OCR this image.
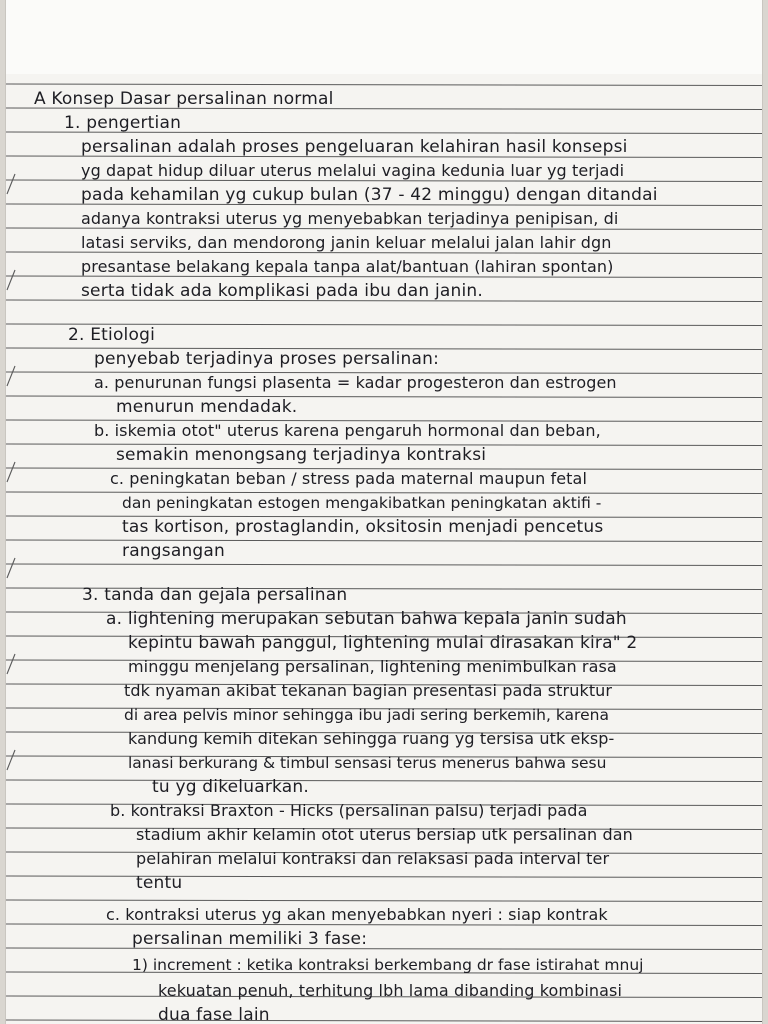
A Konsep Dasar persalinan normal
1. pengertian
persalinan adalah proses pengeluaran kelahiran hasil konsepsi
yg dapat hidup diluar uterus melalui vagina kedunia luar yg terjadi
pada kehamilan yg cukup bulan (37 - 42 minggu) dengan ditandai
adanya kontraksi uterus yg menyebabkan terjadinya penipisan, di
latasi serviks, dan mendorong janin keluar melalui jalan lahir dgn
presantase belakang kepala tanpa alat/bantuan (lahiran spontan)
serta tidak ada komplikasi pada ibu dan janin.
2. Etiologi
penyebab terjadinya proses persalinan:
a. penurunan fungsi plasenta = kadar progesteron dan estrogen
menurun mendadak.
b. iskemia otot" uterus karena pengaruh hormonal dan beban,
semakin menongsang terjadinya kontraksi
c. peningkatan beban / stress pada maternal maupun fetal
dan peningkatan estogen mengakibatkan peningkatan aktifi -
tas kortison, prostaglandin, oksitosin menjadi pencetus
rangsangan
3. tanda dan gejala persalinan
a. lightening merupakan sebutan bahwa kepala janin sudah
kepintu bawah panggul, lightening mulai dirasakan kira" 2
minggu menjelang persalinan, lightening menimbulkan rasa
tdk nyaman akibat tekanan bagian presentasi pada struktur
di area pelvis minor sehingga ibu jadi sering berkemih, karena
kandung kemih ditekan sehingga ruang yg tersisa utk eksp-
lanasi berkurang & timbul sensasi terus menerus bahwa sesu
tu yg dikeluarkan.
b. kontraksi Braxton - Hicks (persalinan palsu) terjadi pada
stadium akhir kelamin otot uterus bersiap utk persalinan dan
pelahiran melalui kontraksi dan relaksasi pada interval ter
tentu
c. kontraksi uterus yg akan menyebabkan nyeri : siap kontrak
persalinan memiliki 3 fase:
1) increment : ketika kontraksi berkembang dr fase istirahat mnuj
kekuatan penuh, terhitung lbh lama dibanding kombinasi
dua fase lain
